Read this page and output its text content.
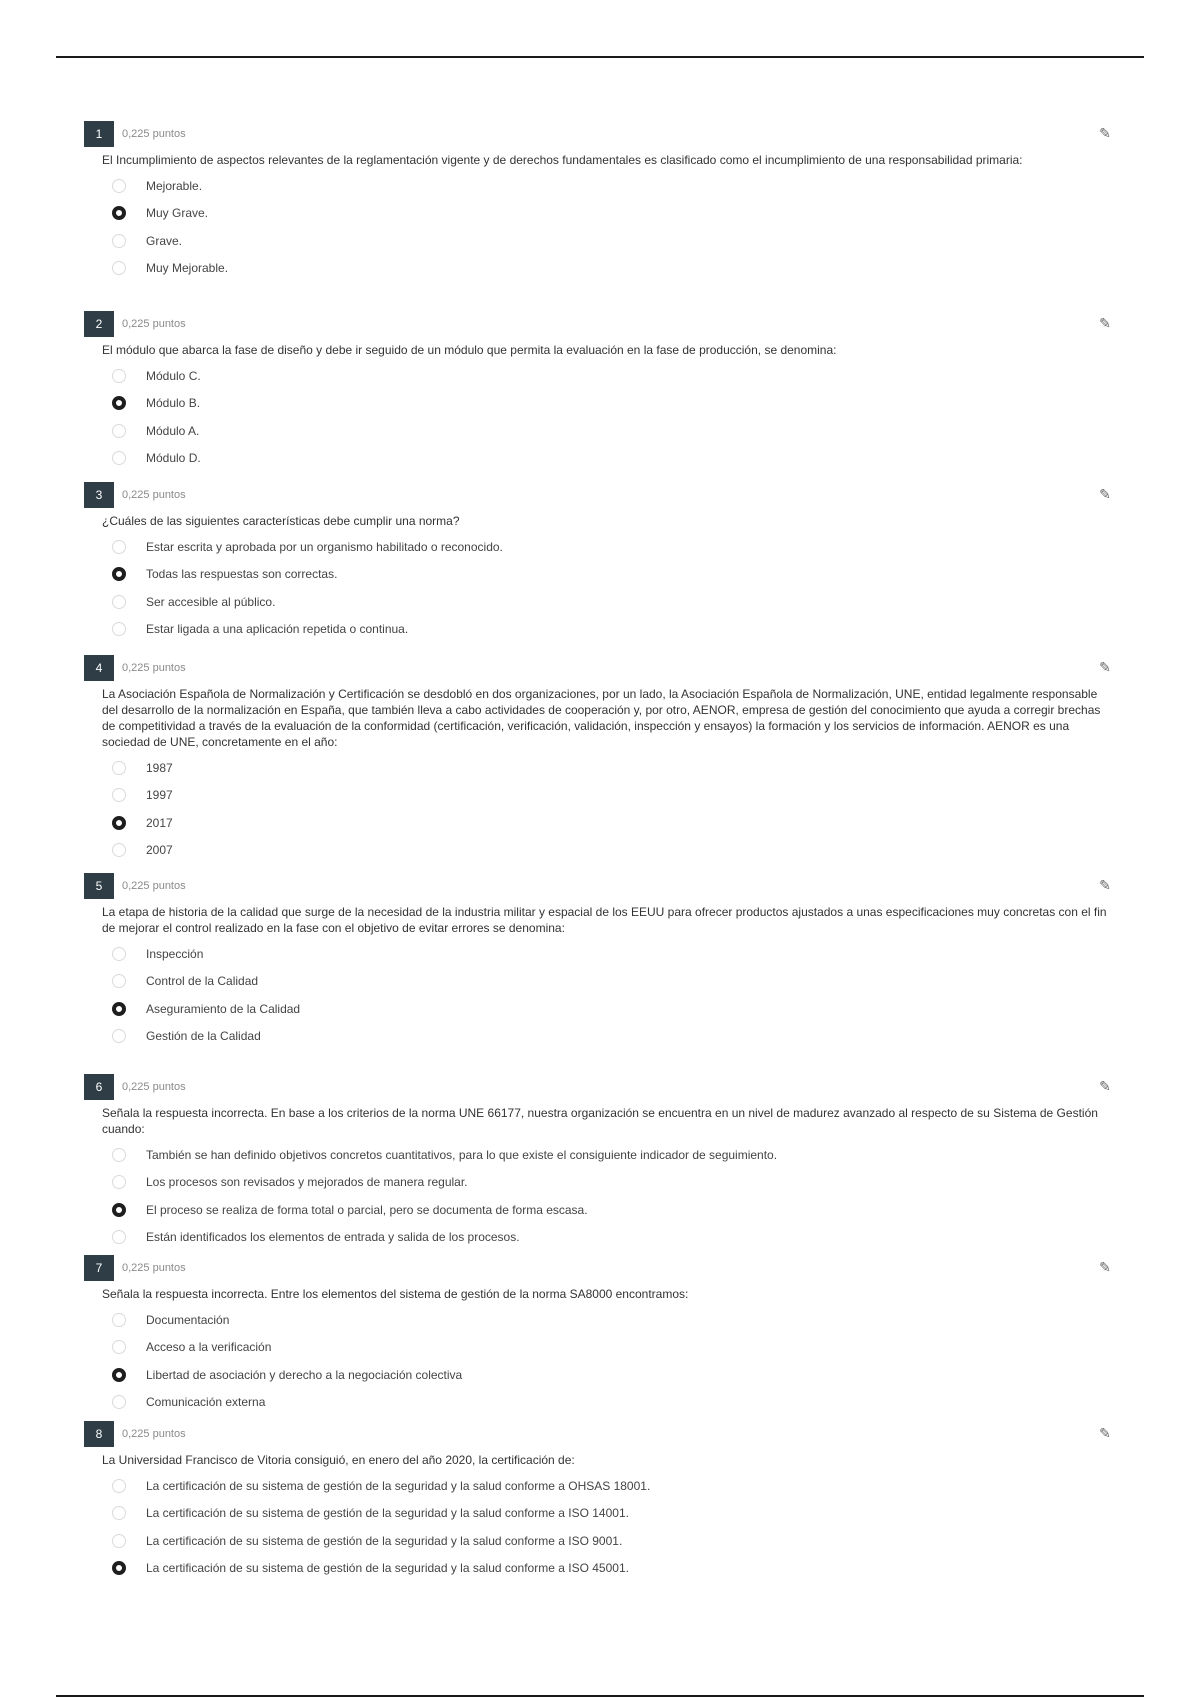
1	0,225 puntos	✎
El Incumplimiento de aspectos relevantes de la reglamentación vigente y de derechos fundamentales es clasificado como el incumplimiento de una responsabilidad primaria:
Mejorable.
Muy Grave.
Grave.
Muy Mejorable.
2	0,225 puntos	✎
El módulo que abarca la fase de diseño y debe ir seguido de un módulo que permita la evaluación en la fase de producción, se denomina:
Módulo C.
Módulo B.
Módulo A.
Módulo D.
3	0,225 puntos	✎
¿Cuáles de las siguientes características debe cumplir una norma?
Estar escrita y aprobada por un organismo habilitado o reconocido.
Todas las respuestas son correctas.
Ser accesible al público.
Estar ligada a una aplicación repetida o continua.
4	0,225 puntos	✎
La Asociación Española de Normalización y Certificación se desdobló en dos organizaciones, por un lado, la Asociación Española de Normalización, UNE, entidad legalmente responsable del desarrollo de la normalización en España, que también lleva a cabo actividades de cooperación y, por otro, AENOR, empresa de gestión del conocimiento que ayuda a corregir brechas de competitividad a través de la evaluación de la conformidad (certificación, verificación, validación, inspección y ensayos) la formación y los servicios de información. AENOR es una sociedad de UNE, concretamente en el año:
1987
1997
2017
2007
5	0,225 puntos	✎
La etapa de historia de la calidad que surge de la necesidad de la industria militar y espacial de los EEUU para ofrecer productos ajustados a unas especificaciones muy concretas con el fin de mejorar el control realizado en la fase con el objetivo de evitar errores se denomina:
Inspección
Control de la Calidad
Aseguramiento de la Calidad
Gestión de la Calidad
6	0,225 puntos	✎
Señala la respuesta incorrecta. En base a los criterios de la norma UNE 66177, nuestra organización se encuentra en un nivel de madurez avanzado al respecto de su Sistema de Gestión cuando:
También se han definido objetivos concretos cuantitativos, para lo que existe el consiguiente indicador de seguimiento.
Los procesos son revisados y mejorados de manera regular.
El proceso se realiza de forma total o parcial, pero se documenta de forma escasa.
Están identificados los elementos de entrada y salida de los procesos.
7	0,225 puntos	✎
Señala la respuesta incorrecta. Entre los elementos del sistema de gestión de la norma SA8000 encontramos:
Documentación
Acceso a la verificación
Libertad de asociación y derecho a la negociación colectiva
Comunicación externa
8	0,225 puntos	✎
La Universidad Francisco de Vitoria consiguió, en enero del año 2020, la certificación de:
La certificación de su sistema de gestión de la seguridad y la salud conforme a OHSAS 18001.
La certificación de su sistema de gestión de la seguridad y la salud conforme a ISO 14001.
La certificación de su sistema de gestión de la seguridad y la salud conforme a ISO 9001.
La certificación de su sistema de gestión de la seguridad y la salud conforme a ISO 45001.
